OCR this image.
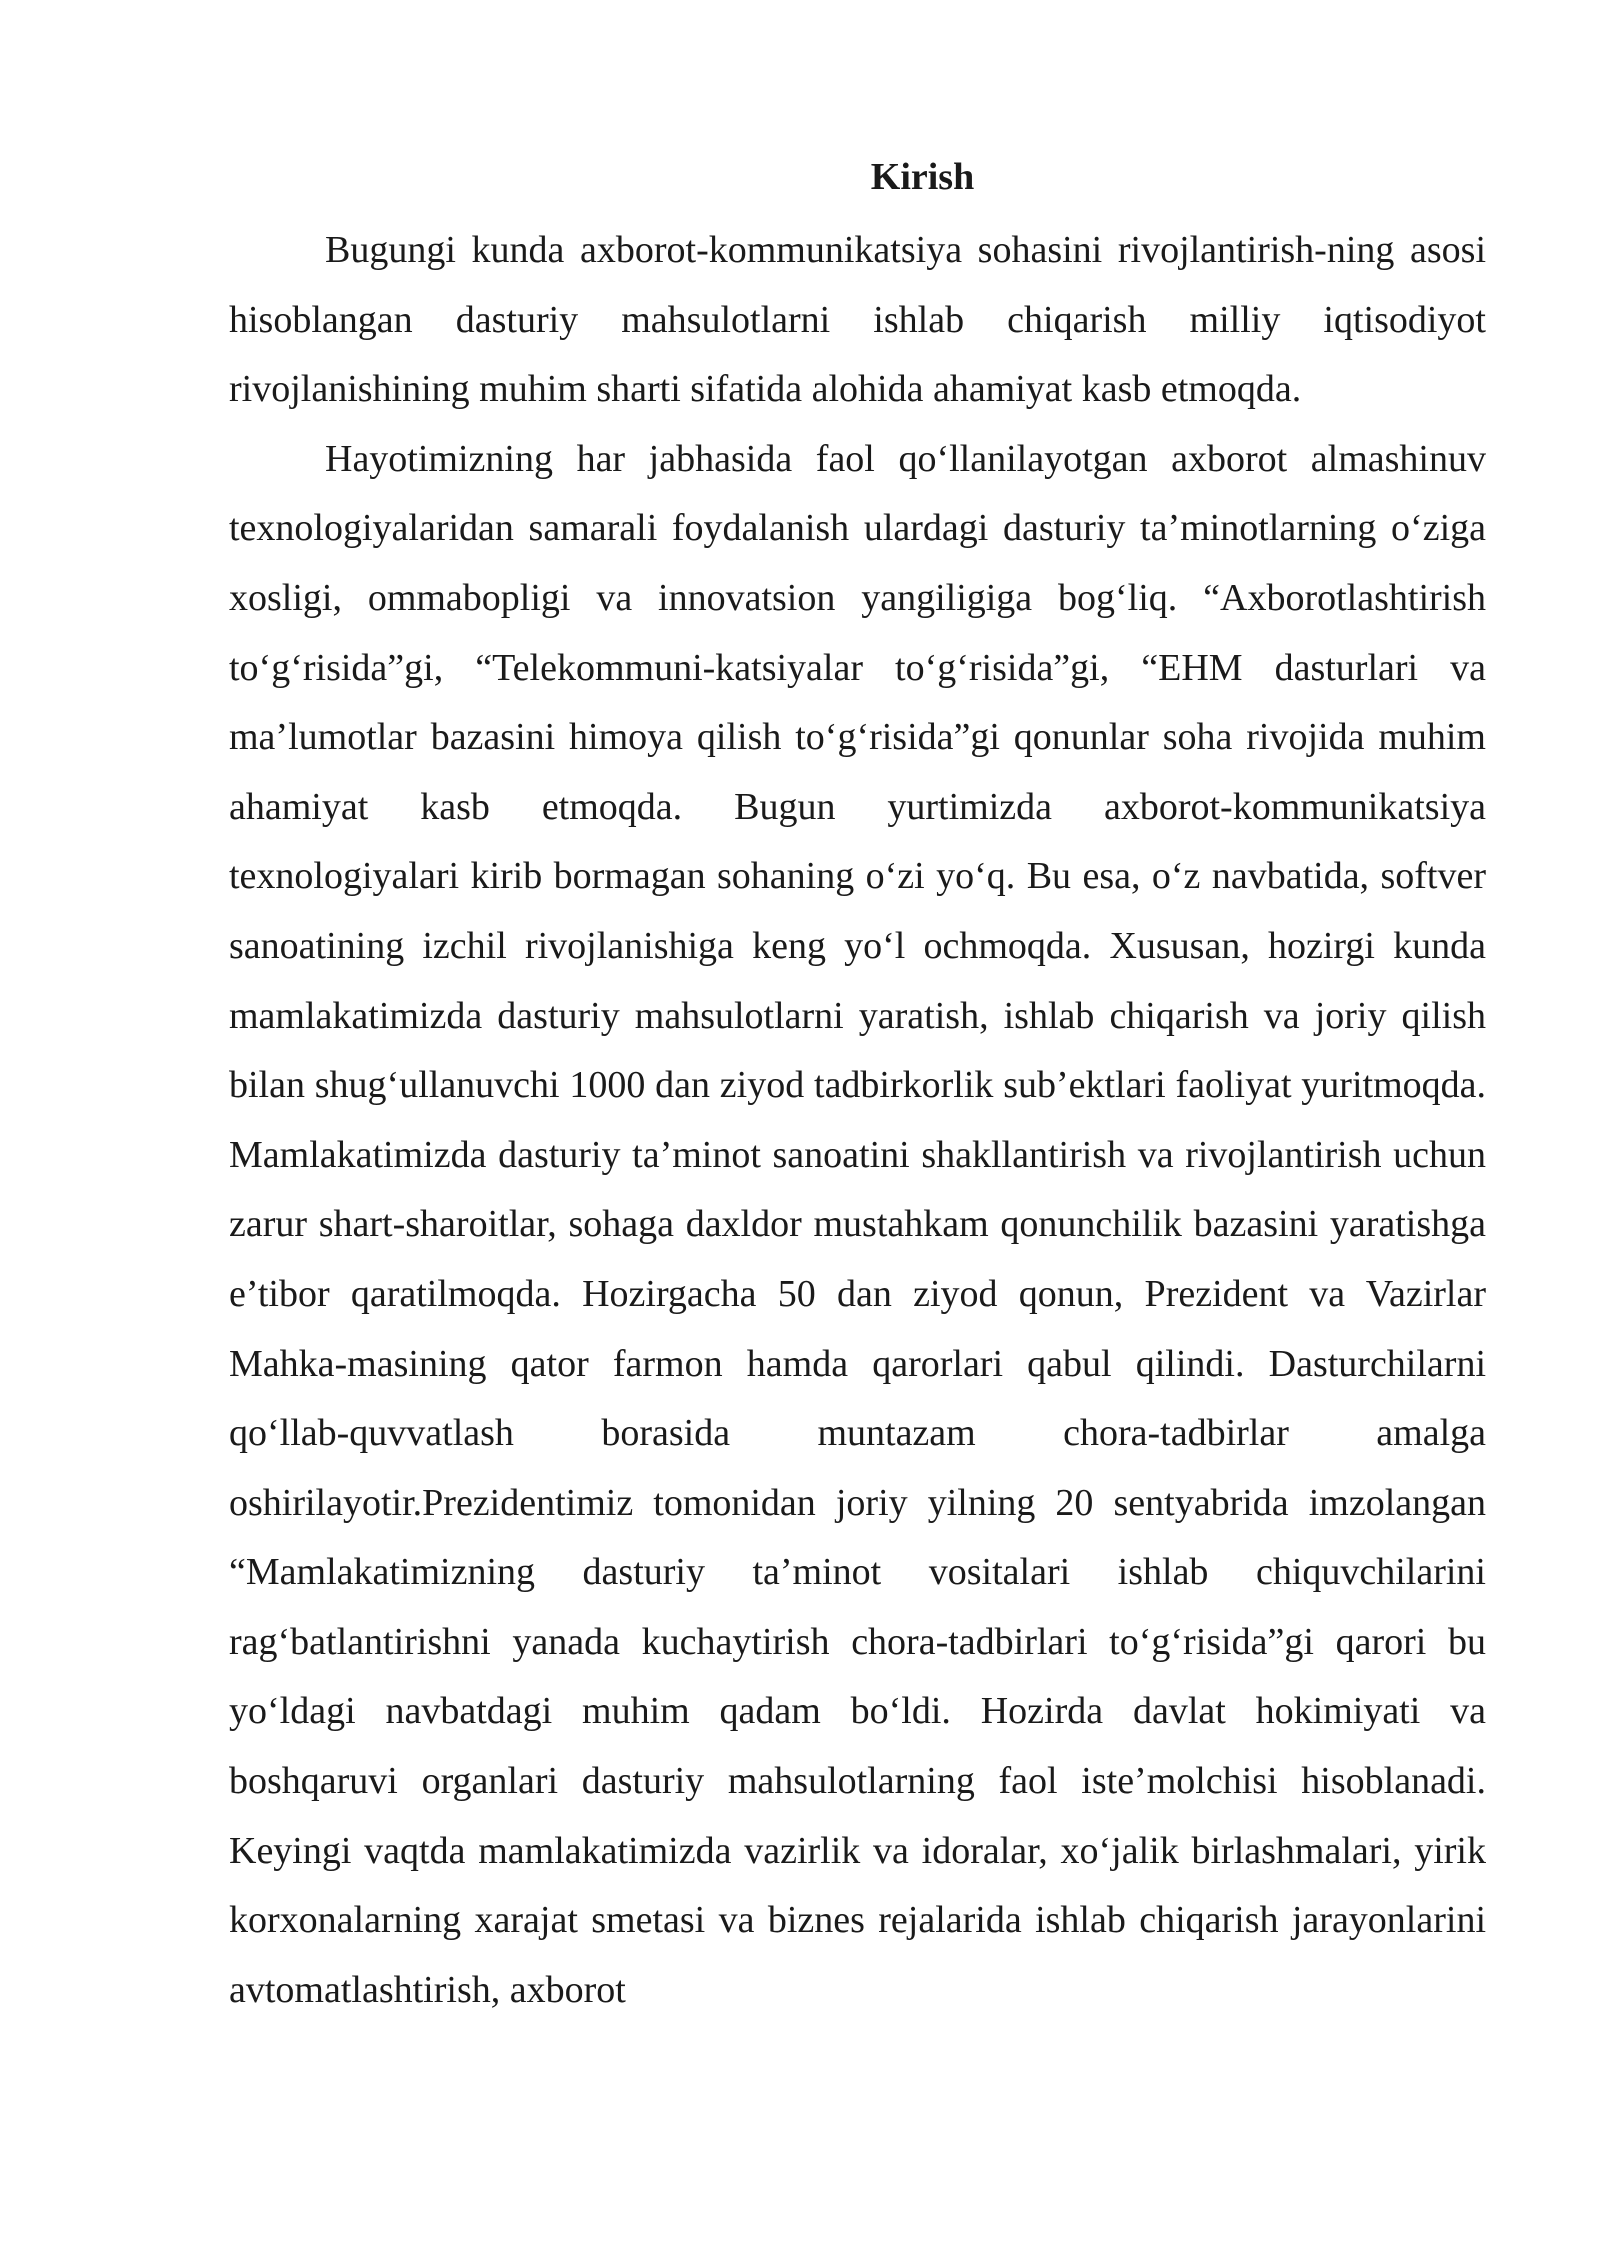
Kirish

Bugungi kunda axborot-kommunikatsiya sohasini rivojlantirish-ning asosi hisoblangan dasturiy mahsulotlarni ishlab chiqarish milliy iqtisodiyot rivojlanishining muhim sharti sifatida alohida ahamiyat kasb etmoqda.

Hayotimizning har jabhasida faol qo‘llanilayotgan axborot almashinuv texnologiyalaridan samarali foydalanish ulardagi dasturiy ta’minotlarning o‘ziga xosligi, ommabopligi va innovatsion yangiligiga bog‘liq. “Axborotlashtirish to‘g‘risida”gi, “Telekommuni-katsiyalar to‘g‘risida”gi, “EHM dasturlari va ma’lumotlar bazasini himoya qilish to‘g‘risida”gi qonunlar soha rivojida muhim ahamiyat kasb etmoqda. Bugun yurtimizda axborot-kommunikatsiya texnologiyalari kirib bormagan sohaning o‘zi yo‘q. Bu esa, o‘z navbatida, softver sanoatining izchil rivojlanishiga keng yo‘l ochmoqda. Xususan, hozirgi kunda mamlakatimizda dasturiy mahsulotlarni yaratish, ishlab chiqarish va joriy qilish bilan shug‘ullanuvchi 1000 dan ziyod tadbirkorlik sub’ektlari faoliyat yuritmoqda. Mamlakatimizda dasturiy ta’minot sanoatini shakllantirish va rivojlantirish uchun zarur shart-sharoitlar, sohaga daxldor mustahkam qonunchilik bazasini yaratishga e’tibor qaratilmoqda. Hozirgacha 50 dan ziyod qonun, Prezident va Vazirlar Mahka-masining qator farmon hamda qarorlari qabul qilindi. Dasturchilarni qo‘llab-quvvatlash borasida muntazam chora-tadbirlar amalga oshirilayotir.Prezidentimiz tomonidan joriy yilning 20 sentyabrida imzolangan “Mamlakatimizning dasturiy ta’minot vositalari ishlab chiquvchilarini rag‘batlantirishni yanada kuchaytirish chora-tadbirlari to‘g‘risida”gi qarori bu yo‘ldagi navbatdagi muhim qadam bo‘ldi. Hozirda davlat hokimiyati va boshqaruvi organlari dasturiy mahsulotlarning faol iste’molchisi hisoblanadi. Keyingi vaqtda mamlakatimizda vazirlik va idoralar, xo‘jalik birlashmalari, yirik korxonalarning xarajat smetasi va biznes rejalarida ishlab chiqarish jarayonlarini avtomatlashtirish, axborot
